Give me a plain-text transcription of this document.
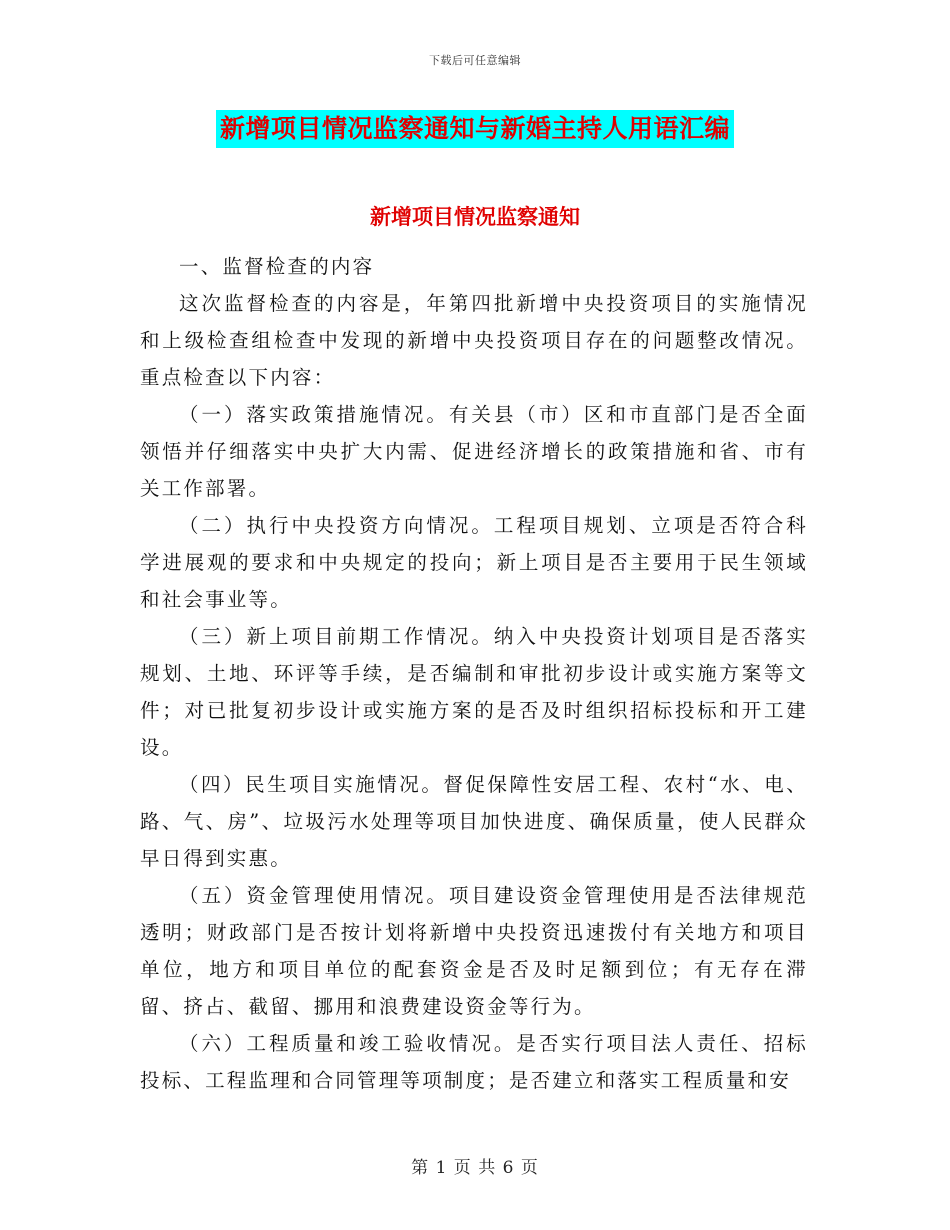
下载后可任意编辑
新增项目情况监察通知与新婚主持人用语汇编
新增项目情况监察通知

一、监督检查的内容

这次监督检查的内容是，年第四批新增中央投资项目的实施情况和上级检查组检查中发现的新增中央投资项目存在的问题整改情况。重点检查以下内容：

（一）落实政策措施情况。有关县（市）区和市直部门是否全面领悟并仔细落实中央扩大内需、促进经济增长的政策措施和省、市有关工作部署。

（二）执行中央投资方向情况。工程项目规划、立项是否符合科学进展观的要求和中央规定的投向；新上项目是否主要用于民生领域和社会事业等。

（三）新上项目前期工作情况。纳入中央投资计划项目是否落实规划、土地、环评等手续，是否编制和审批初步设计或实施方案等文件；对已批复初步设计或实施方案的是否及时组织招标投标和开工建设。

（四）民生项目实施情况。督促保障性安居工程、农村“水、电、路、气、房”、垃圾污水处理等项目加快进度、确保质量，使人民群众早日得到实惠。

（五）资金管理使用情况。项目建设资金管理使用是否法律规范透明；财政部门是否按计划将新增中央投资迅速拨付有关地方和项目单位，地方和项目单位的配套资金是否及时足额到位；有无存在滞留、挤占、截留、挪用和浪费建设资金等行为。

（六）工程质量和竣工验收情况。是否实行项目法人责任、招标投标、工程监理和合同管理等项制度；是否建立和落实工程质量和安

第 1 页 共 6 页
